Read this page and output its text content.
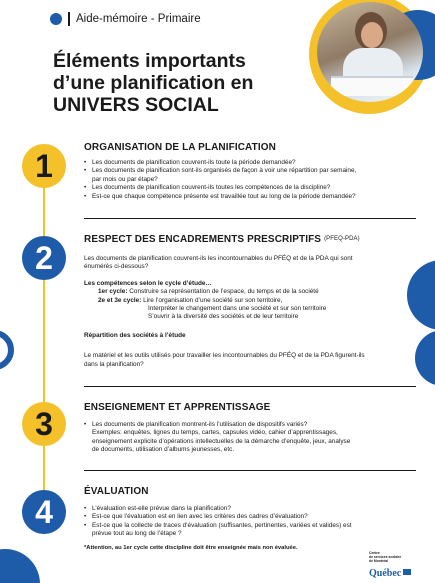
Aide-mémoire - Primaire
Éléments importants
d’une planification en
UNIVERS SOCIAL
1	ORGANISATION DE LA PLANIFICATION
• Les documents de planification couvrent-ils toute la période demandée?
• Les documents de planification sont-ils organisés de façon à voir une répartition par semaine,
par mois ou par étape?
• Les documents de planification couvrent-ils toutes les compétences de la discipline?
• Est-ce que chaque compétence présente est travaillée tout au long de la période demandée?
2	RESPECT DES ENCADREMENTS PRESCRIPTIFS (PFEQ-PDA)
Les documents de planification couvrent-ils les incontournables du PFÉQ et de la PDA qui sont
énumérés ci-dessous?
Les compétences selon le cycle d’étude…
1er cycle: Construire sa représentation de l’espace, du temps et de la société
2e et 3e cycle: Lire l’organisation d’une société sur son territoire,
Interpréter le changement dans une société et sur son territoire
S’ouvrir à la diversité des sociétés et de leur territoire
Répartition des sociétés à l’étude
Le matériel et les outils utilisés pour travailler les incontournables du PFÉQ et de la PDA figurent-ils
dans la planification?
3	ENSEIGNEMENT ET APPRENTISSAGE
• Les documents de planification montrent-ils l’utilisation de dispositifs variés?
Exemples: enquêtes, lignes du temps, cartes, capsules vidéo, cahier d’apprentissages,
enseignement explicite d’opérations intellectuelles de la démarche d’enquête, jeux, analyse
de documents, utilisation d’albums jeunesses, etc.
4
ÉVALUATION
• L’évaluation est-elle prévue dans la planification?
• Est-ce que l’évaluation est en lien avec les critères des cadres d’évaluation?
• Est-ce que la collecte de traces d’évaluation (suffisantes, pertinentes, variées et valides) est
prévue tout au long de l’étape ?
*Attention, au 1er cycle cette discipline doit être enseignée mais non évaluée.
Centre
de services scolaire
de Montréal
Québec
